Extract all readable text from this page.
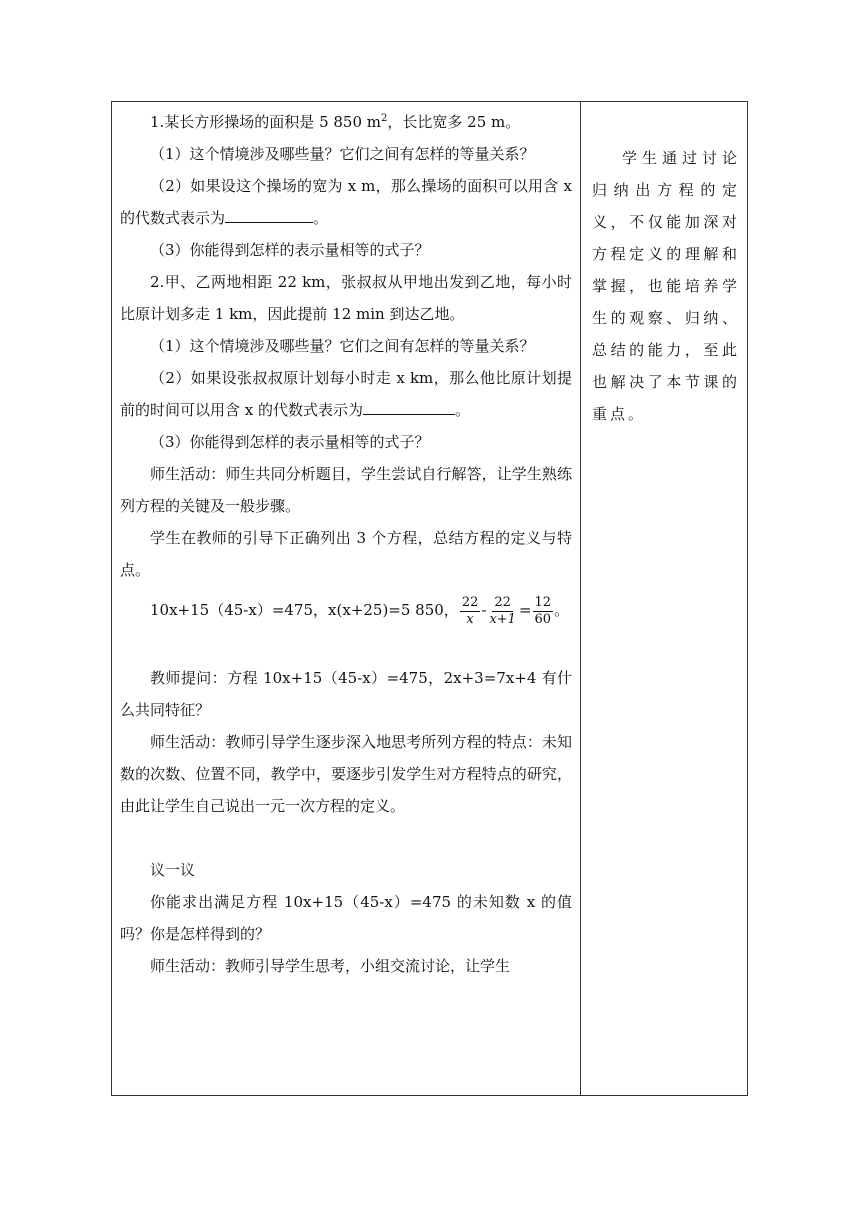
1.某长方形操场的面积是 5 850 $m^2$，长比宽多 25 m。

（1）这个情境涉及哪些量？它们之间有怎样的等量关系？

（2）如果设这个操场的宽为 x m，那么操场的面积可以用含 x 的代数式表示为	。

（3）你能得到怎样的表示量相等的式子？

2.甲、乙两地相距 22 km，张叔叔从甲地出发到乙地，每小时比原计划多走 1 km，因此提前 12 min 到达乙地。

（1）这个情境涉及哪些量？它们之间有怎样的等量关系？

（2）如果设张叔叔原计划每小时走 x km，那么他比原计划提前的时间可以用含 x 的代数式表示为	。

（3）你能得到怎样的表示量相等的式子？

师生活动：师生共同分析题目，学生尝试自行解答，让学生熟练列方程的关键及一般步骤。

学生在教师的引导下正确列出 3 个方程，总结方程的定义与特点。

10x+15（45-x）=475，x(x+25)=5 850， $\frac{22}{x} - \frac{22}{x+1} = \frac{12}{60}$ 。

教师提问：方程 10x+15（45-x）=475，2x+3=7x+4 有什么共同特征？

师生活动：教师引导学生逐步深入地思考所列方程的特点：未知数的次数、位置不同，教学中，要逐步引发学生对方程特点的研究，由此让学生自己说出一元一次方程的定义。

议一议

你能求出满足方程 10x+15（45-x）=475 的未知数 x 的值吗？你是怎样得到的？

师生活动：教师引导学生思考，小组交流讨论，让学生

学生通过讨论归纳出方程的定义，不仅能加深对方程定义的理解和掌握，也能培养学生的观察、归纳、总结的能力，至此也解决了本节课的重点。
